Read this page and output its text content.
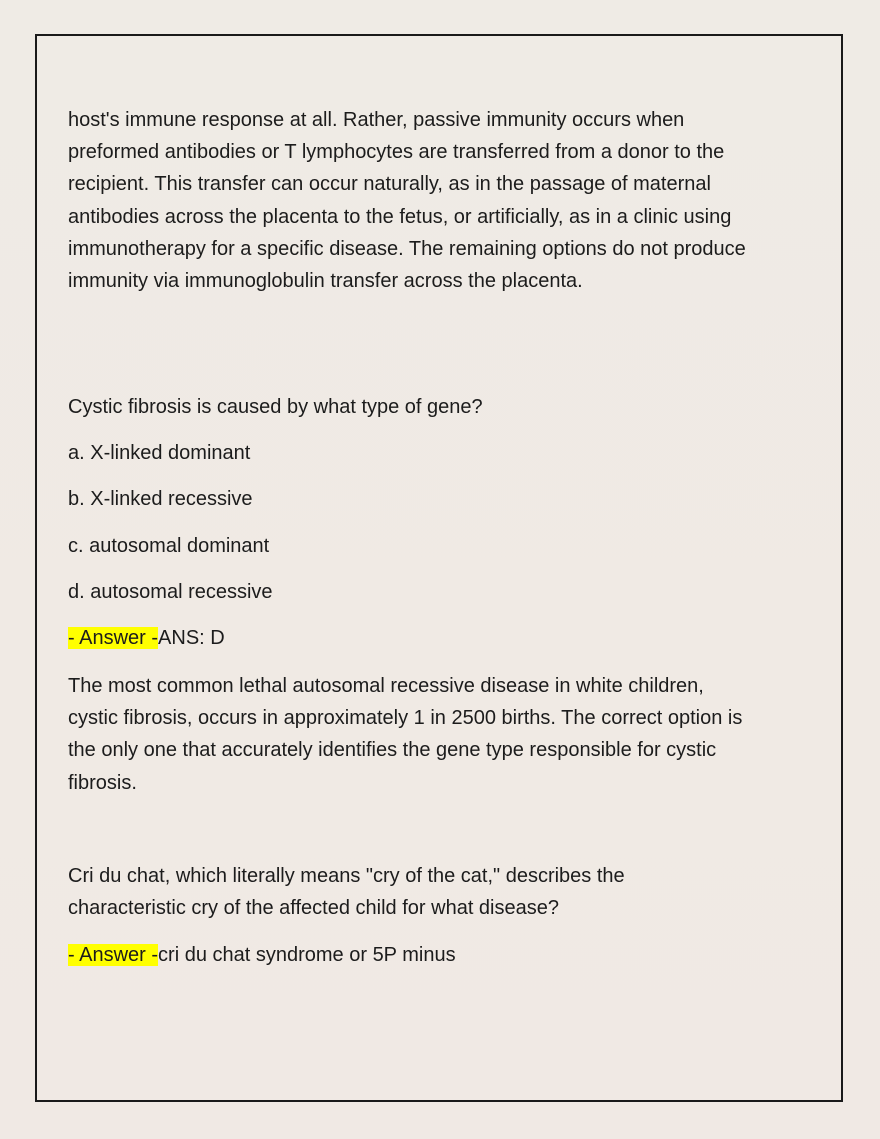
host's immune response at all. Rather, passive immunity occurs when preformed antibodies or T lymphocytes are transferred from a donor to the recipient. This transfer can occur naturally, as in the passage of maternal antibodies across the placenta to the fetus, or artificially, as in a clinic using immunotherapy for a specific disease. The remaining options do not produce immunity via immunoglobulin transfer across the placenta.

Cystic fibrosis is caused by what type of gene?

a. X-linked dominant

b. X-linked recessive

c. autosomal dominant

d. autosomal recessive

- Answer -ANS: D

The most common lethal autosomal recessive disease in white children, cystic fibrosis, occurs in approximately 1 in 2500 births. The correct option is the only one that accurately identifies the gene type responsible for cystic fibrosis.

Cri du chat, which literally means "cry of the cat," describes the characteristic cry of the affected child for what disease?

- Answer -cri du chat syndrome or 5P minus
